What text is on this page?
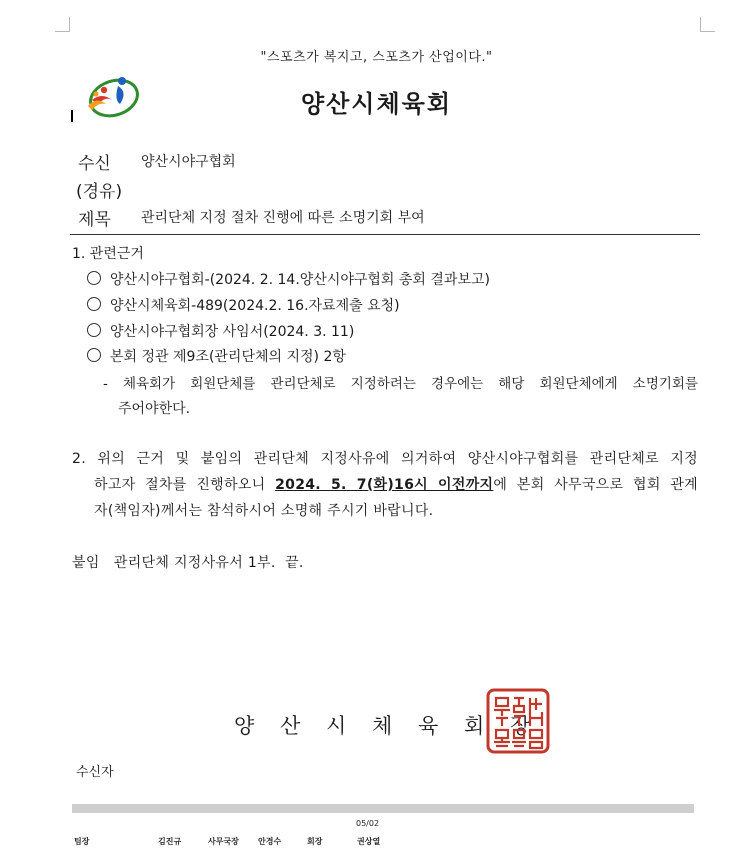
"스포츠가 복지고, 스포츠가 산업이다."
양산시체육회
수신 양산시야구협회
(경유)
제목 관리단체 지정 절차 진행에 따른 소명기회 부여
1. 관련근거
양산시야구협회-(2024. 2. 14.양산시야구협회 총회 결과보고)
양산시체육회-489(2024.2. 16.자료제출 요청)
양산시야구협회장 사임서(2024. 3. 11)
본회 정관 제9조(관리단체의 지정) 2항
- 체육회가 회원단체를 관리단체로 지정하려는 경우에는 해당 회원단체에게 소명기회를
주어야한다.
2. 위의 근거 및 붙임의 관리단체 지정사유에 의거하여 양산시야구협회를 관리단체로 지정
하고자 절차를 진행하오니 2024. 5. 7(화)16시 이전까지에 본회 사무국으로 협회 관계
자(책임자)께서는 참석하시어 소명해 주시기 바랍니다.
붙임   관리단체 지정사유서 1부.  끝.
양 산 시 체 육 회 장
수신자
05/02
팀장	김진규	사무국장 안경수	회장	권상열
